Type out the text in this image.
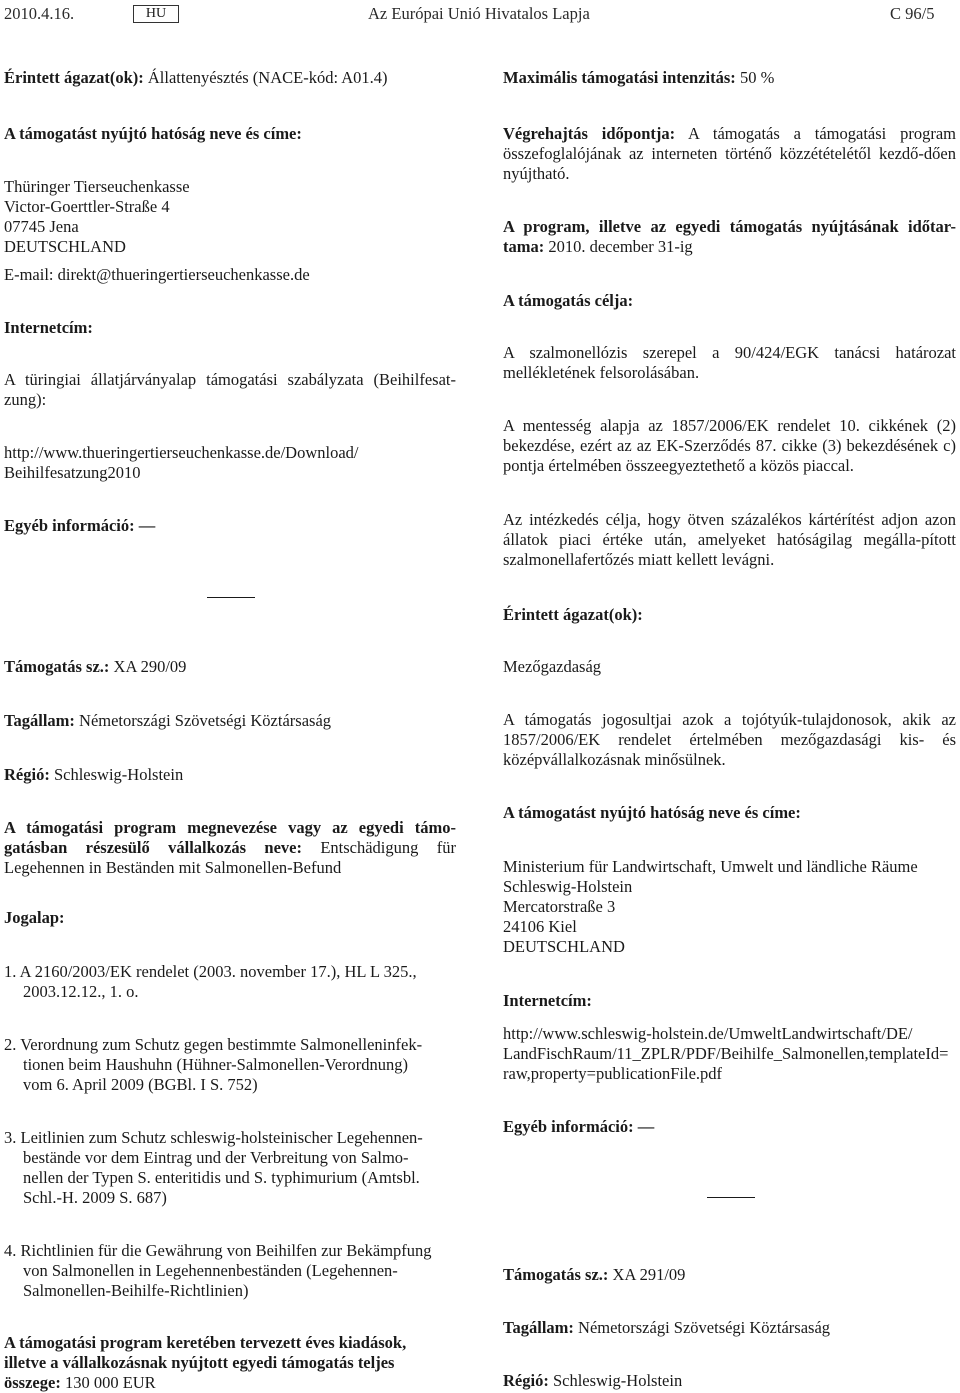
2010.4.16.	HU	Az Európai Unió Hivatalos Lapja	C 96/5

Érintett ágazat(ok): Állattenyésztés (NACE-kód: A01.4)

A támogatást nyújtó hatóság neve és címe:

Thüringer Tierseuchenkasse
Victor-Goerttler-Straße 4
07745 Jena
DEUTSCHLAND

E-mail: direkt@thueringertierseuchenkasse.de

Internetcím:

A türingiai állatjárványalap támogatási szabályzata (Beihilfesat-zung):

http://www.thueringertierseuchenkasse.de/Download/
Beihilfesatzung2010

Egyéb információ: —

Támogatás sz.: XA 290/09

Tagállam: Németországi Szövetségi Köztársaság

Régió: Schleswig-Holstein

A támogatási program megnevezése vagy az egyedi támo-gatásban részesülő vállalkozás neve: Entschädigung für Legehennen in Beständen mit Salmonellen-Befund

Jogalap:

1. A 2160/2003/EK rendelet (2003. november 17.), HL L 325.,
2003.12.12., 1. o.

2. Verordnung zum Schutz gegen bestimmte Salmonelleninfek-
tionen beim Haushuhn (Hühner-Salmonellen-Verordnung)
vom 6. April 2009 (BGBl. I S. 752)

3. Leitlinien zum Schutz schleswig-holsteinischer Legehennen-
bestände vor dem Eintrag und der Verbreitung von Salmo-
nellen der Typen S. enteritidis und S. typhimurium (Amtsbl.
Schl.-H. 2009 S. 687)

4. Richtlinien für die Gewährung von Beihilfen zur Bekämpfung
von Salmonellen in Legehennenbeständen (Legehennen-
Salmonellen-Beihilfe-Richtlinien)

A támogatási program keretében tervezett éves kiadások,
illetve a vállalkozásnak nyújtott egyedi támogatás teljes
összege: 130 000 EUR

Maximális támogatási intenzitás: 50 %

Végrehajtás időpontja: A támogatás a támogatási program összefoglalójának az interneten történő közzétételétől kezdő-dően nyújtható.

A program, illetve az egyedi támogatás nyújtásának időtar-tama: 2010. december 31-ig

A támogatás célja:

A szalmonellózis szerepel a 90/424/EGK tanácsi határozat mellékletének felsorolásában.

A mentesség alapja az 1857/2006/EK rendelet 10. cikkének (2) bekezdése, ezért az az EK-Szerződés 87. cikke (3) bekezdésének c) pontja értelmében összeegyeztethető a közös piaccal.

Az intézkedés célja, hogy ötven százalékos kártérítést adjon azon állatok piaci értéke után, amelyeket hatóságilag megálla-pított szalmonellafertőzés miatt kellett levágni.

Érintett ágazat(ok):

Mezőgazdaság

A támogatás jogosultjai azok a tojótyúk-tulajdonosok, akik az 1857/2006/EK rendelet értelmében mezőgazdasági kis- és középvállalkozásnak minősülnek.

A támogatást nyújtó hatóság neve és címe:

Ministerium für Landwirtschaft, Umwelt und ländliche Räume
Schleswig-Holstein
Mercatorstraße 3
24106 Kiel
DEUTSCHLAND

Internetcím:

http://www.schleswig-holstein.de/UmweltLandwirtschaft/DE/
LandFischRaum/11_ZPLR/PDF/Beihilfe_Salmonellen,templateId=
raw,property=publicationFile.pdf

Egyéb információ: —

Támogatás sz.: XA 291/09

Tagállam: Németországi Szövetségi Köztársaság

Régió: Schleswig-Holstein
